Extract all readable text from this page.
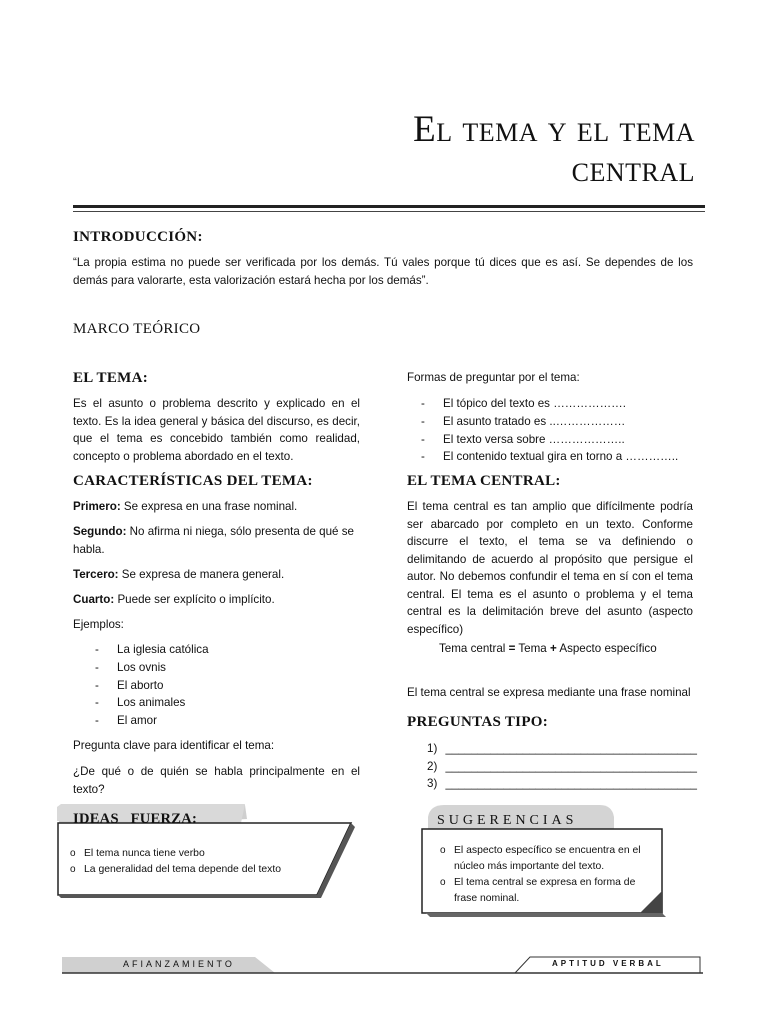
El tema y el tema
central
INTRODUCCIÓN:
“La propia estima no puede ser verificada por los demás. Tú vales porque tú dices que es así. Se dependes de los demás para valorarte, esta valorización estará hecha por los demás”.
MARCO TEÓRICO
EL TEMA:
Es el asunto o problema descrito y explicado en el texto. Es la idea general y básica del discurso, es decir, que el tema es concebido también como realidad, concepto o problema abordado en el texto.
CARACTERÍSTICAS DEL TEMA:
Primero: Se expresa en una frase nominal.
Segundo: No afirma ni niega, sólo presenta de qué se habla.
Tercero: Se expresa de manera general.
Cuarto: Puede ser explícito o implícito.
Ejemplos:
- La iglesia católica
- Los ovnis
- El aborto
- Los animales
- El amor
Pregunta clave para identificar el tema:
¿De qué o de quién se habla principalmente en el texto?
Formas de preguntar por el tema:
- El tópico del texto es ……………….
- El asunto tratado es ..………………
- El texto versa sobre ………………..
- El contenido textual gira en torno a …………..
EL TEMA CENTRAL:
El tema central es tan amplio que difícilmente podría ser abarcado por completo en un texto. Conforme discurre el texto, el tema se va definiendo o delimitando de acuerdo al propósito que persigue el autor. No debemos confundir el tema en sí con el tema central. El tema es el asunto o problema y el tema central es la delimitación breve del asunto (aspecto específico)
Tema central = Tema + Aspecto específico
El tema central se expresa mediante una frase nominal
PREGUNTAS TIPO:
1) _______________________________________
2) _______________________________________
3) _______________________________________
IDEAS   FUERZA:
o El tema nunca tiene verbo
o La generalidad del tema depende del texto
SUGERENCIAS
o El aspecto específico se encuentra en el núcleo más importante del texto.
o El tema central se expresa en forma de frase nominal.
AFIANZAMIENTO	APTITUD VERBAL
